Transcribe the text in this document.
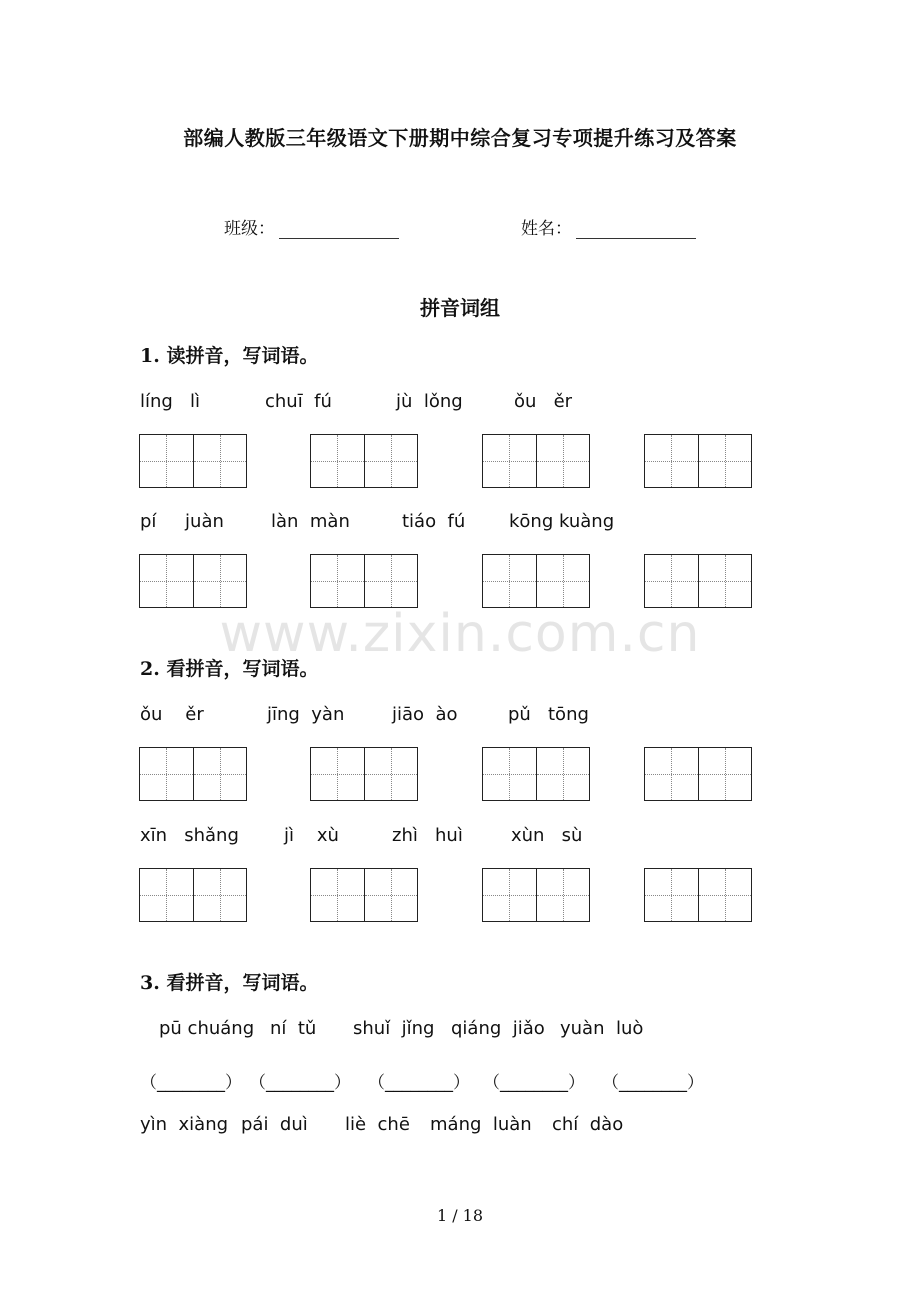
部编人教版三年级语文下册期中综合复习专项提升练习及答案
班级：	姓名：
拼音词组
1. 读拼音，写词语。
líng   lì	chuī  fú	jù  lǒng	ǒu   ěr
pí     juàn	làn  màn	tiáo  fú kōng kuàng
www.zixin.com.cn
2. 看拼音，写词语。
ǒu    ěr	jīng  yàn	jiāo  ào	pǔ   tōng
xīn   shǎng	jì    xù	zhì   huì	xùn   sù
3. 看拼音，写词语。
pū chuáng ní  tǔ shuǐ  jǐng qiáng  jiǎo yuàn  luò
（________） （________） （________） （________） （________）
yìn  xiàng pái  duì liè  chē máng  luàn chí  dào
1 / 18
